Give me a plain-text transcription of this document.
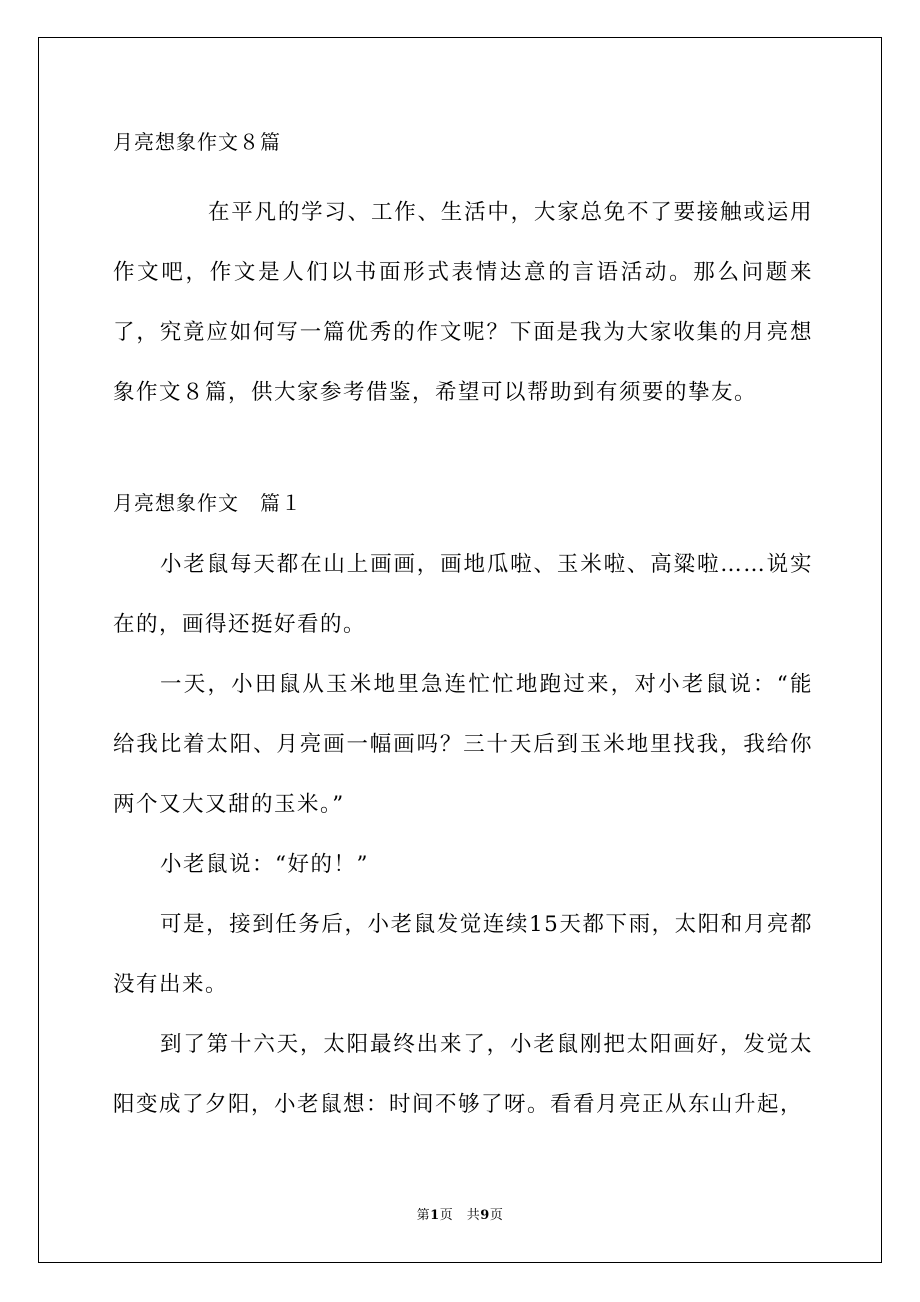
月亮想象作文８篇

在平凡的学习、工作、生活中，大家总免不了要接触或运用作文吧，作文是人们以书面形式表情达意的言语活动。那么问题来了，究竟应如何写一篇优秀的作文呢？下面是我为大家收集的月亮想象作文８篇，供大家参考借鉴，希望可以帮助到有须要的挚友。

月亮想象作文　篇１

小老鼠每天都在山上画画，画地瓜啦、玉米啦、高粱啦……说实在的，画得还挺好看的。

一天，小田鼠从玉米地里急连忙忙地跑过来，对小老鼠说：“能给我比着太阳、月亮画一幅画吗？三十天后到玉米地里找我，我给你两个又大又甜的玉米。”

小老鼠说：“好的！”

可是，接到任务后，小老鼠发觉连续15天都下雨，太阳和月亮都没有出来。

到了第十六天，太阳最终出来了，小老鼠刚把太阳画好，发觉太阳变成了夕阳，小老鼠想：时间不够了呀。看看月亮正从东山升起，

第1页　 共9页
